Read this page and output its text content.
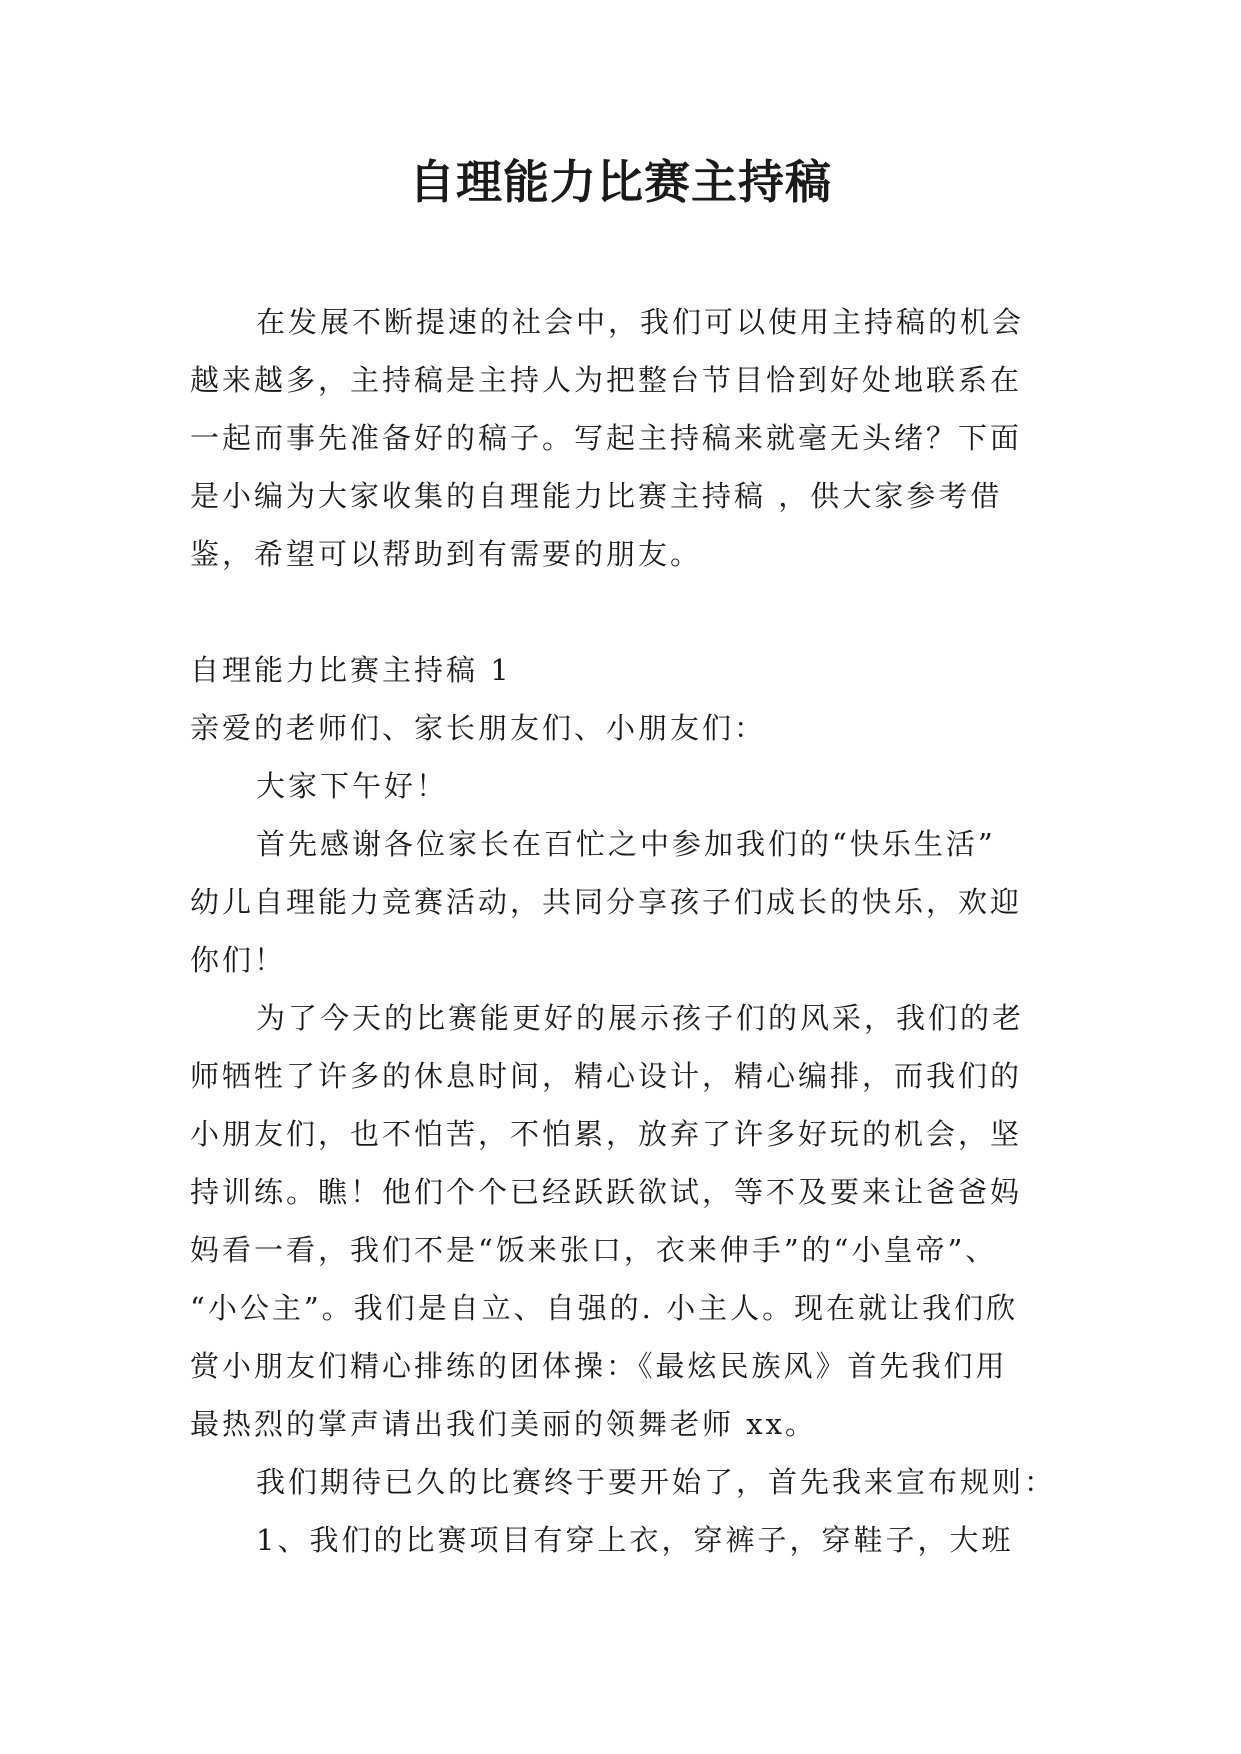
自理能力比赛主持稿
在发展不断提速的社会中，我们可以使用主持稿的机会
越来越多，主持稿是主持人为把整台节目恰到好处地联系在
一起而事先准备好的稿子。写起主持稿来就毫无头绪？下面
是小编为大家收集的自理能力比赛主持稿 ，供大家参考借
鉴，希望可以帮助到有需要的朋友。
自理能力比赛主持稿 1
亲爱的老师们、家长朋友们、小朋友们：
大家下午好！
首先感谢各位家长在百忙之中参加我们的“快乐生活”
幼儿自理能力竞赛活动，共同分享孩子们成长的快乐，欢迎
你们！
为了今天的比赛能更好的展示孩子们的风采，我们的老
师牺牲了许多的休息时间，精心设计，精心编排，而我们的
小朋友们，也不怕苦，不怕累，放弃了许多好玩的机会，坚
持训练。瞧！他们个个已经跃跃欲试，等不及要来让爸爸妈
妈看一看，我们不是“饭来张口，衣来伸手”的“小皇帝”、
“小公主”。我们是自立、自强的. 小主人。现在就让我们欣
赏小朋友们精心排练的团体操：《最炫民族风》首先我们用
最热烈的掌声请出我们美丽的领舞老师 xx。
我们期待已久的比赛终于要开始了，首先我来宣布规则：
1、我们的比赛项目有穿上衣，穿裤子，穿鞋子，大班
